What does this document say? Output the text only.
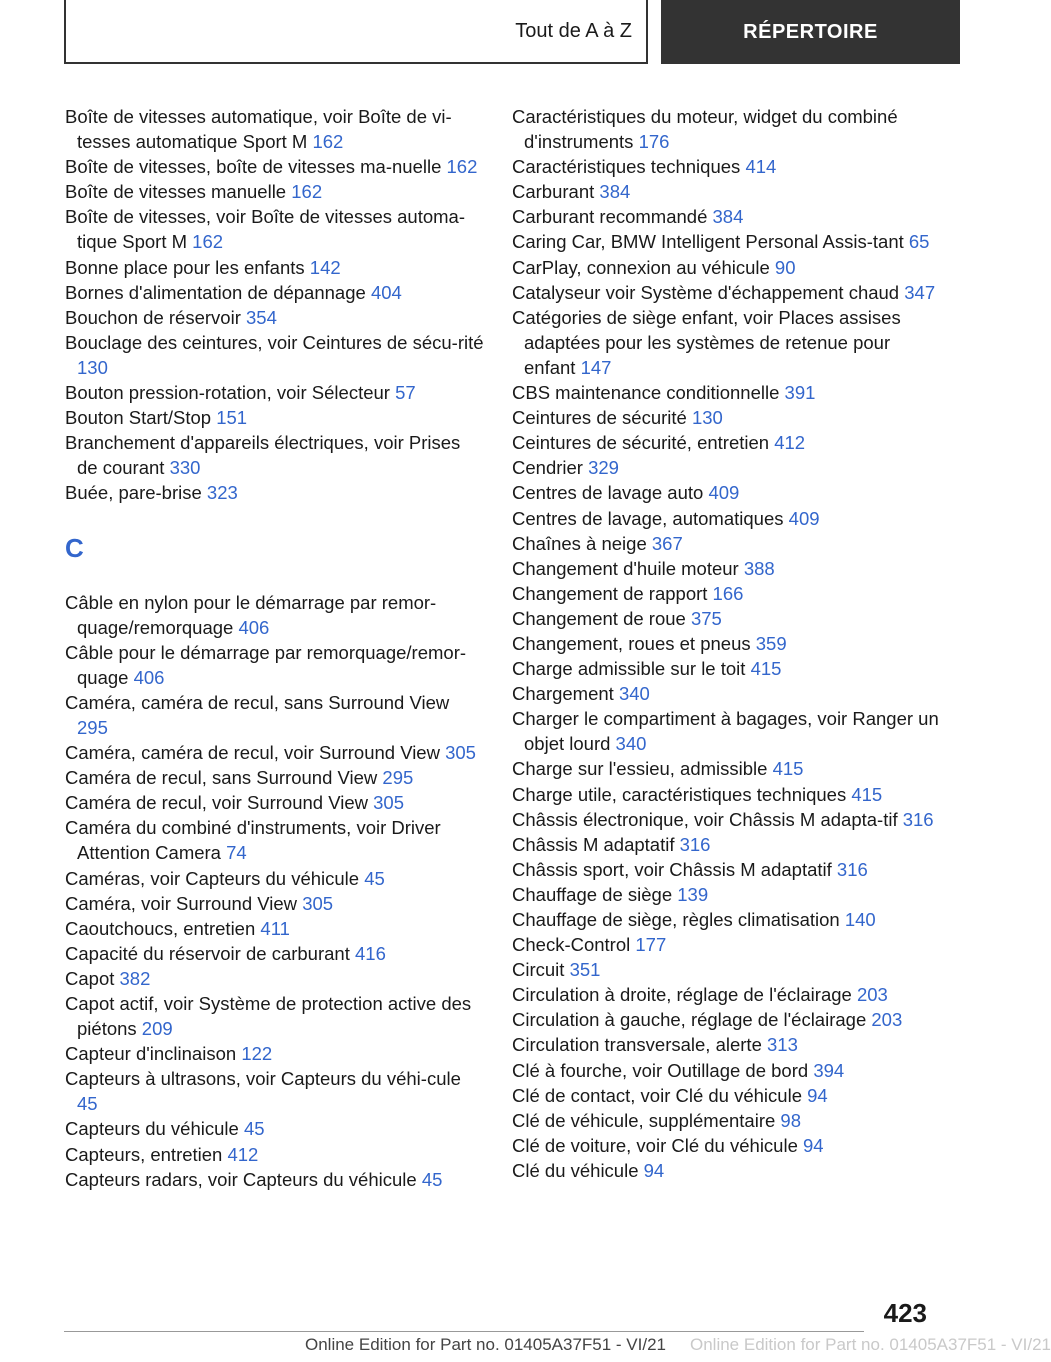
Tout de A à Z	RÉPERTOIRE
Boîte de vitesses automatique, voir Boîte de vi-tesses automatique Sport M 162
Boîte de vitesses, boîte de vitesses ma-nuelle 162
Boîte de vitesses manuelle 162
Boîte de vitesses, voir Boîte de vitesses automa-tique Sport M 162
Bonne place pour les enfants 142
Bornes d'alimentation de dépannage 404
Bouchon de réservoir 354
Bouclage des ceintures, voir Ceintures de sécu-rité 130
Bouton pression-rotation, voir Sélecteur 57
Bouton Start/Stop 151
Branchement d'appareils électriques, voir Prises de courant 330
Buée, pare-brise 323
C
Câble en nylon pour le démarrage par remor-quage/remorquage 406
Câble pour le démarrage par remorquage/remor-quage 406
Caméra, caméra de recul, sans Surround View 295
Caméra, caméra de recul, voir Surround View 305
Caméra de recul, sans Surround View 295
Caméra de recul, voir Surround View 305
Caméra du combiné d'instruments, voir Driver Attention Camera 74
Caméras, voir Capteurs du véhicule 45
Caméra, voir Surround View 305
Caoutchoucs, entretien 411
Capacité du réservoir de carburant 416
Capot 382
Capot actif, voir Système de protection active des piétons 209
Capteur d'inclinaison 122
Capteurs à ultrasons, voir Capteurs du véhi-cule 45
Capteurs du véhicule 45
Capteurs, entretien 412
Capteurs radars, voir Capteurs du véhicule 45
Caractéristiques du moteur, widget du combiné d'instruments 176
Caractéristiques techniques 414
Carburant 384
Carburant recommandé 384
Caring Car, BMW Intelligent Personal Assis-tant 65
CarPlay, connexion au véhicule 90
Catalyseur voir Système d'échappement chaud 347
Catégories de siège enfant, voir Places assises adaptées pour les systèmes de retenue pour enfant 147
CBS maintenance conditionnelle 391
Ceintures de sécurité 130
Ceintures de sécurité, entretien 412
Cendrier 329
Centres de lavage auto 409
Centres de lavage, automatiques 409
Chaînes à neige 367
Changement d'huile moteur 388
Changement de rapport 166
Changement de roue 375
Changement, roues et pneus 359
Charge admissible sur le toit 415
Chargement 340
Charger le compartiment à bagages, voir Ranger un objet lourd 340
Charge sur l'essieu, admissible 415
Charge utile, caractéristiques techniques 415
Châssis électronique, voir Châssis M adapta-tif 316
Châssis M adaptatif 316
Châssis sport, voir Châssis M adaptatif 316
Chauffage de siège 139
Chauffage de siège, règles climatisation 140
Check-Control 177
Circuit 351
Circulation à droite, réglage de l'éclairage 203
Circulation à gauche, réglage de l'éclairage 203
Circulation transversale, alerte 313
Clé à fourche, voir Outillage de bord 394
Clé de contact, voir Clé du véhicule 94
Clé de véhicule, supplémentaire 98
Clé de voiture, voir Clé du véhicule 94
Clé du véhicule 94
423
Online Edition for Part no. 01405A37F51 - VI/21 Online Edition for Part no. 01405A37F51 - VI/21
